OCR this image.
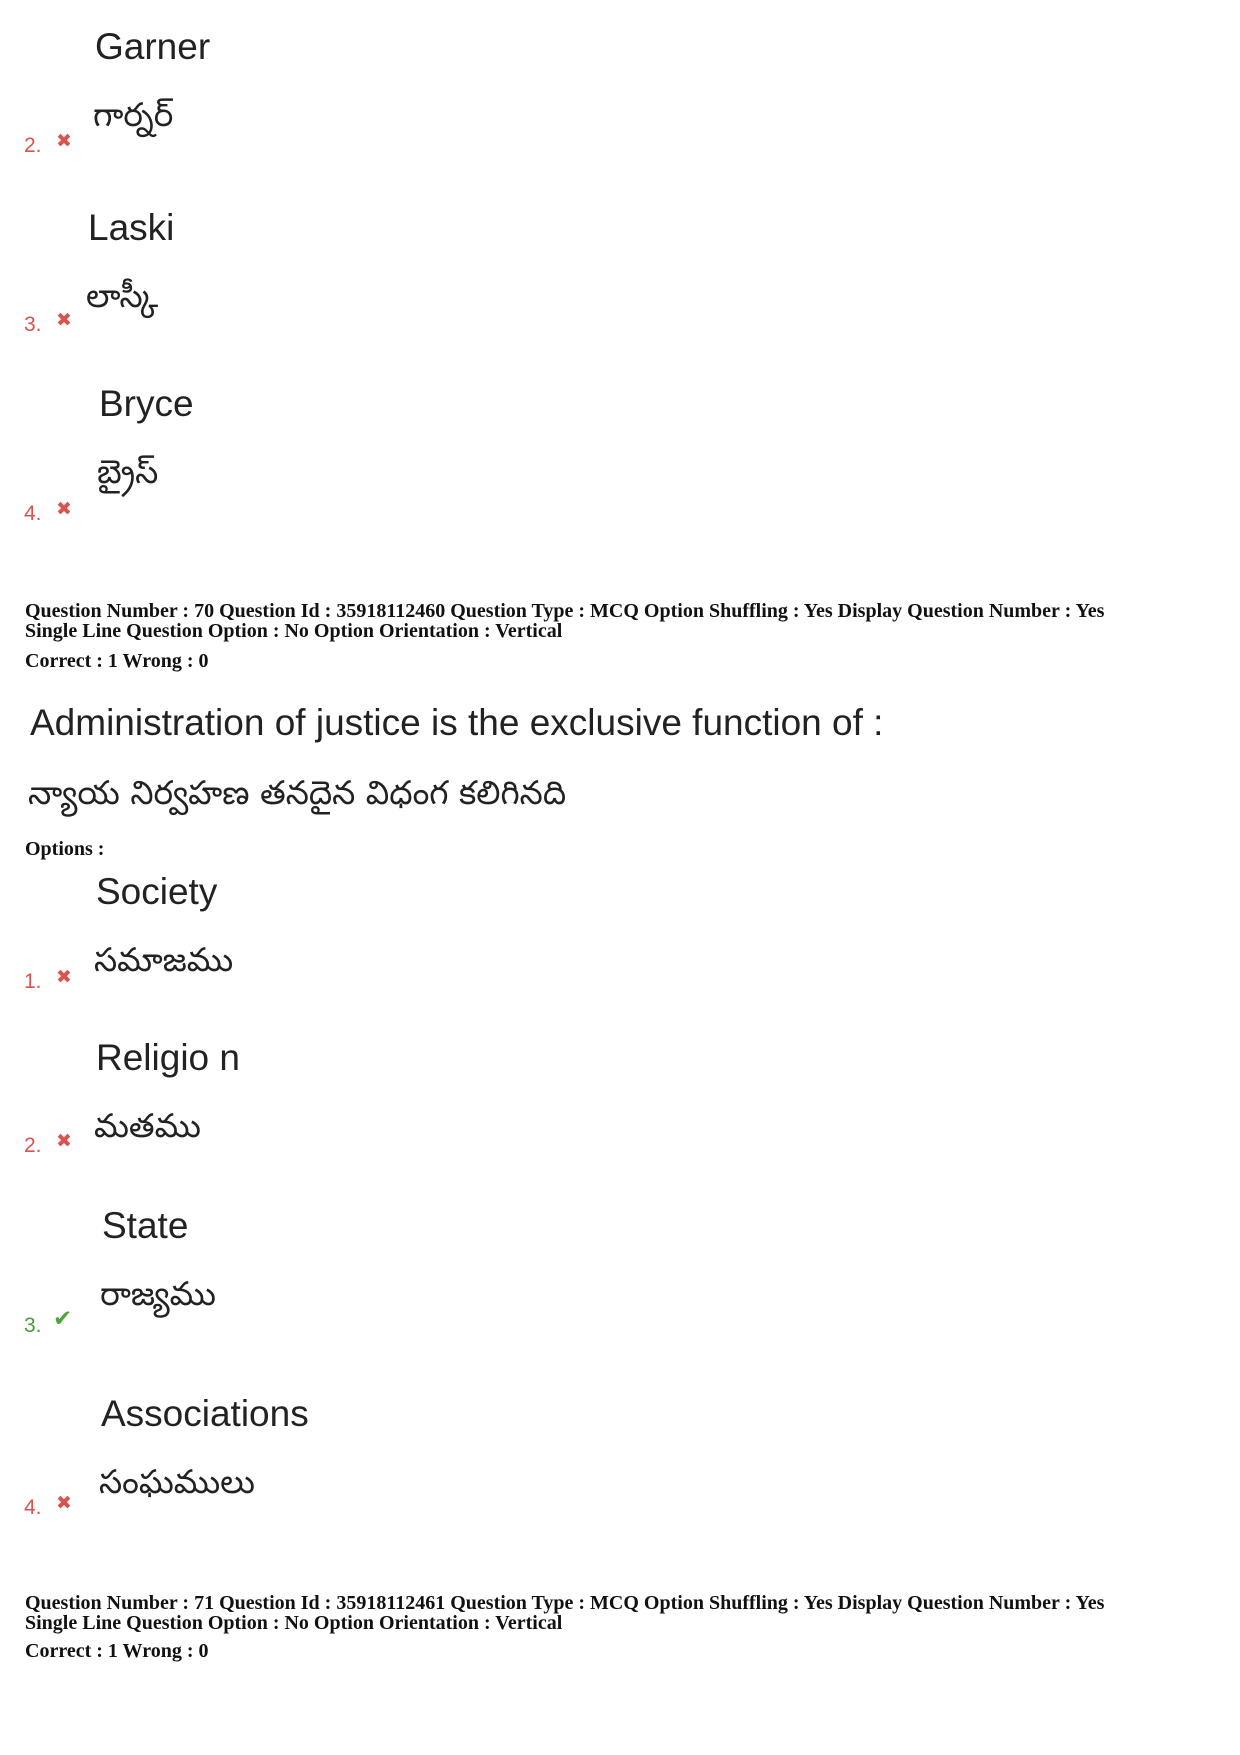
Garner
గార్నర్
2. ✖
Laski
లాస్కీ
3. ✖
Bryce
బ్రైస్
4. ✖
Question Number : 70 Question Id : 35918112460 Question Type : MCQ Option Shuffling : Yes Display Question Number : Yes
Single Line Question Option : No Option Orientation : Vertical
Correct : 1 Wrong : 0
Administration of justice is the exclusive function of :
న్యాయ నిర్వహణ తనదైన విధంగ కలిగినది
Options :
Society
సమాజము
1. ✖
Religio n
మతము
2. ✖
State
రాజ్యము
3. ✔
Associations
సంఘములు
4. ✖
Question Number : 71 Question Id : 35918112461 Question Type : MCQ Option Shuffling : Yes Display Question Number : Yes
Single Line Question Option : No Option Orientation : Vertical
Correct : 1 Wrong : 0
